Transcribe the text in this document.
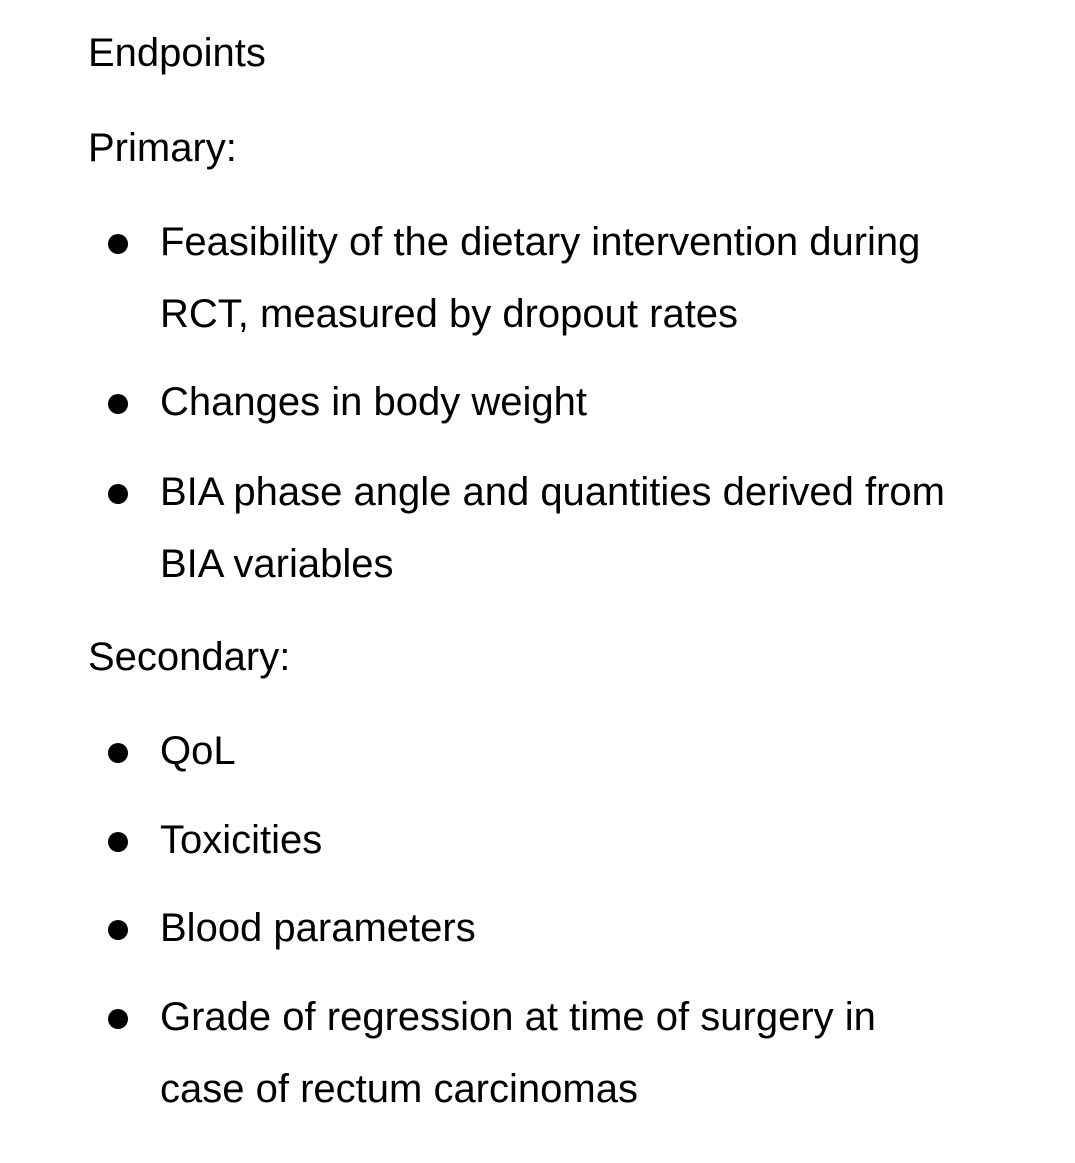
Endpoints
Primary:

Feasibility of the dietary intervention during
RCT, measured by dropout rates

Changes in body weight

BIA phase angle and quantities derived from
BIA variables

Secondary:

QoL

Toxicities

Blood parameters

Grade of regression at time of surgery in
case of rectum carcinomas
